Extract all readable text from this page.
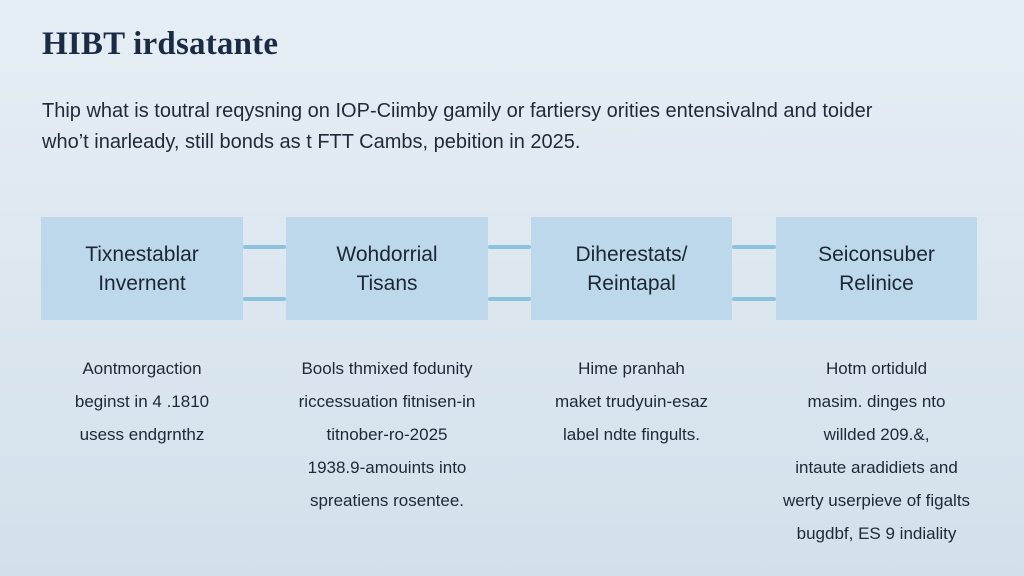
HIBT irdsatante

Thip what is toutral reqysning on IOP-Ciimby gamily or fartiersy orities entensivalnd and toider
who’t inarleady, still bonds as t FTT Cambs, pebition in 2025.

Tixnestablar
Invernent
Wohdorrial
Tisans
Diherestats/
Reintapal
Seiconsuber
Relinice
Aontmorgaction
beginst in 4 .1810
usess endgrnthz
Bools thmixed fodunity
riccessuation fitnisen-in
titnober-ro-2025
1938.9-amouints into
spreatiens rosentee.
Hime pranhah
maket trudyuin-esaz
label ndte fingults.
Hotm ortiduld
masim. dinges nto
willded 209.&,
intaute aradidiets and
werty userpieve of figalts
bugdbf, ES 9 indiality
